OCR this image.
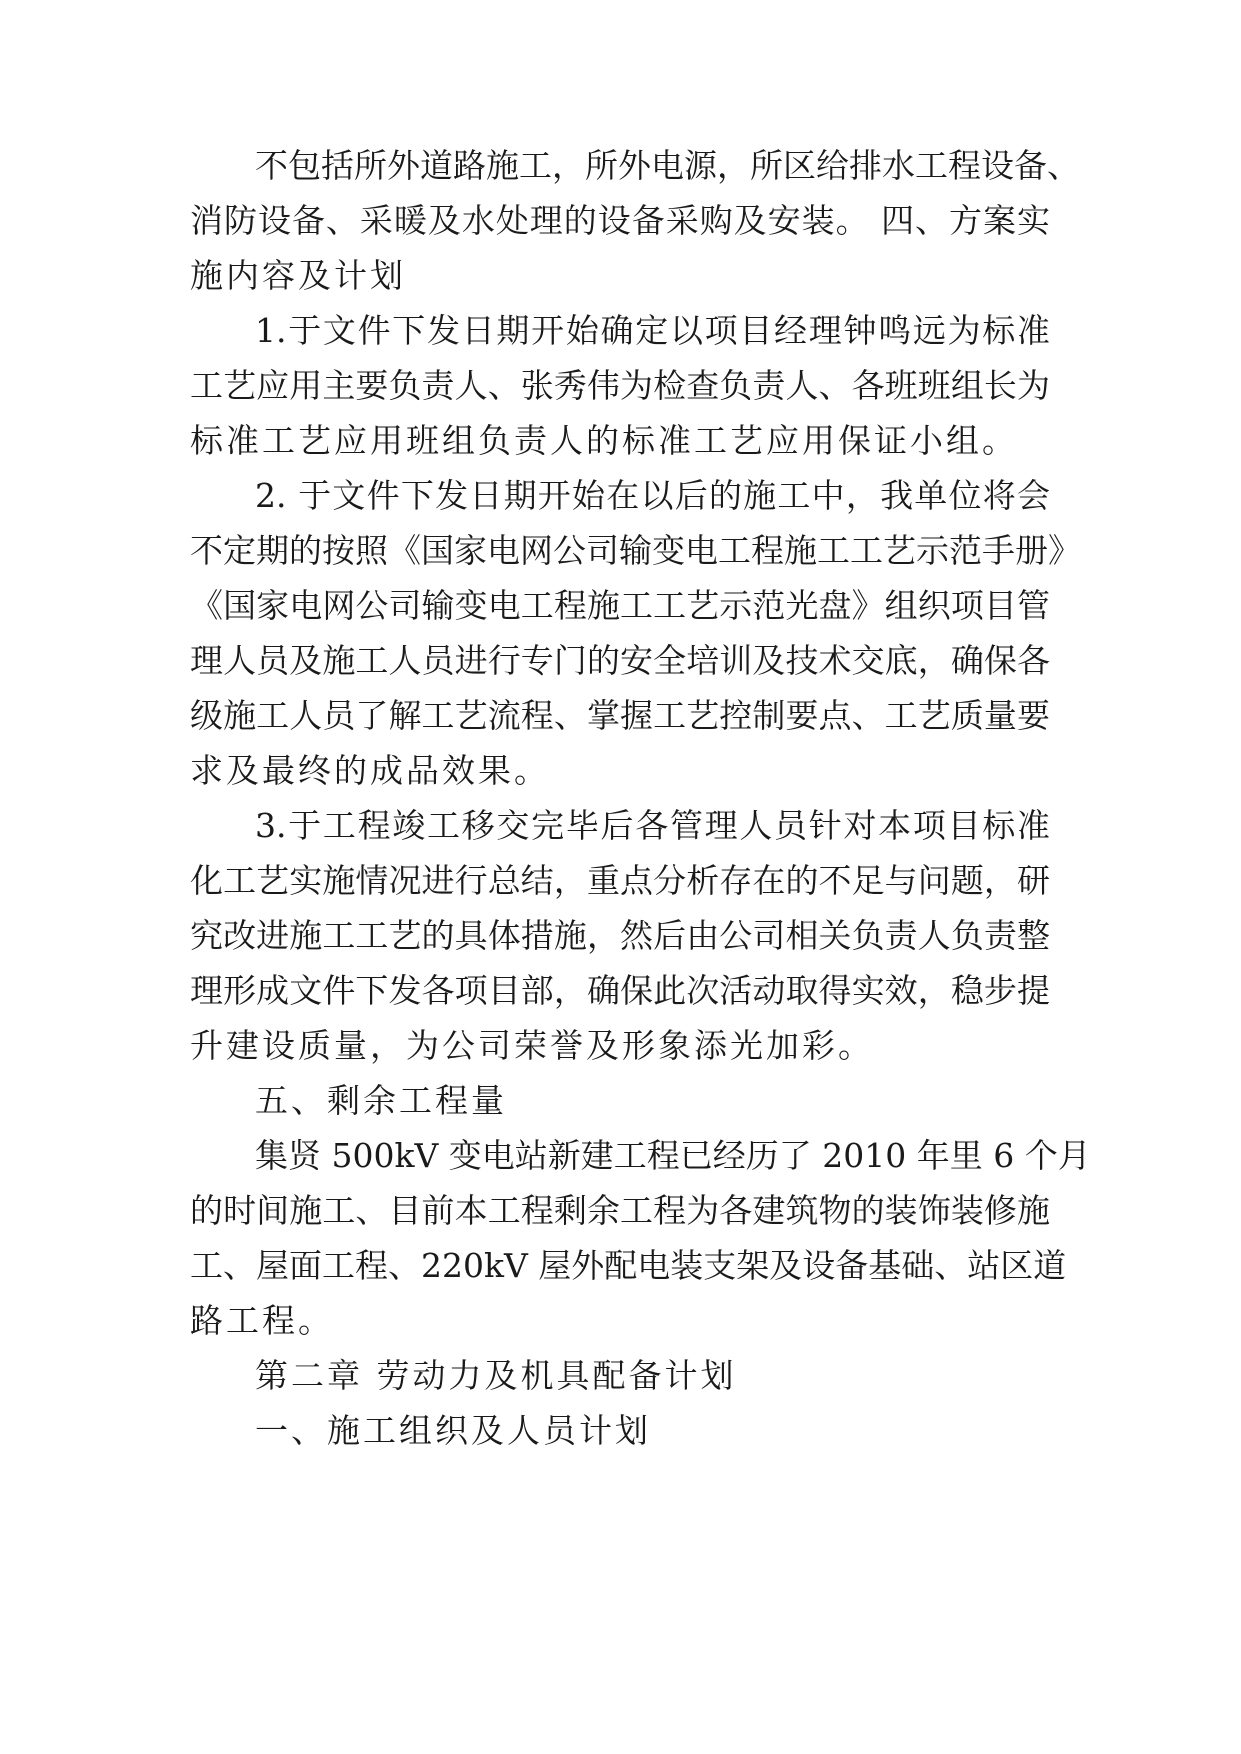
不包括所外道路施工，所外电源，所区给排水工程设备、
消防设备、采暖及水处理的设备采购及安装。 四、方案实
施内容及计划
1.于文件下发日期开始确定以项目经理钟鸣远为标准
工艺应用主要负责人、张秀伟为检查负责人、各班班组长为
标准工艺应用班组负责人的标准工艺应用保证小组。
2. 于文件下发日期开始在以后的施工中，我单位将会
不定期的按照《国家电网公司输变电工程施工工艺示范手册》
《国家电网公司输变电工程施工工艺示范光盘》组织项目管
理人员及施工人员进行专门的安全培训及技术交底，确保各
级施工人员了解工艺流程、掌握工艺控制要点、工艺质量要
求及最终的成品效果。
3.于工程竣工移交完毕后各管理人员针对本项目标准
化工艺实施情况进行总结，重点分析存在的不足与问题，研
究改进施工工艺的具体措施，然后由公司相关负责人负责整
理形成文件下发各项目部，确保此次活动取得实效，稳步提
升建设质量，为公司荣誉及形象添光加彩。
五、剩余工程量
集贤 500kV 变电站新建工程已经历了 2010 年里 6 个月
的时间施工、目前本工程剩余工程为各建筑物的装饰装修施
工、屋面工程、220kV 屋外配电装支架及设备基础、站区道
路工程。
第二章 劳动力及机具配备计划
一、施工组织及人员计划
